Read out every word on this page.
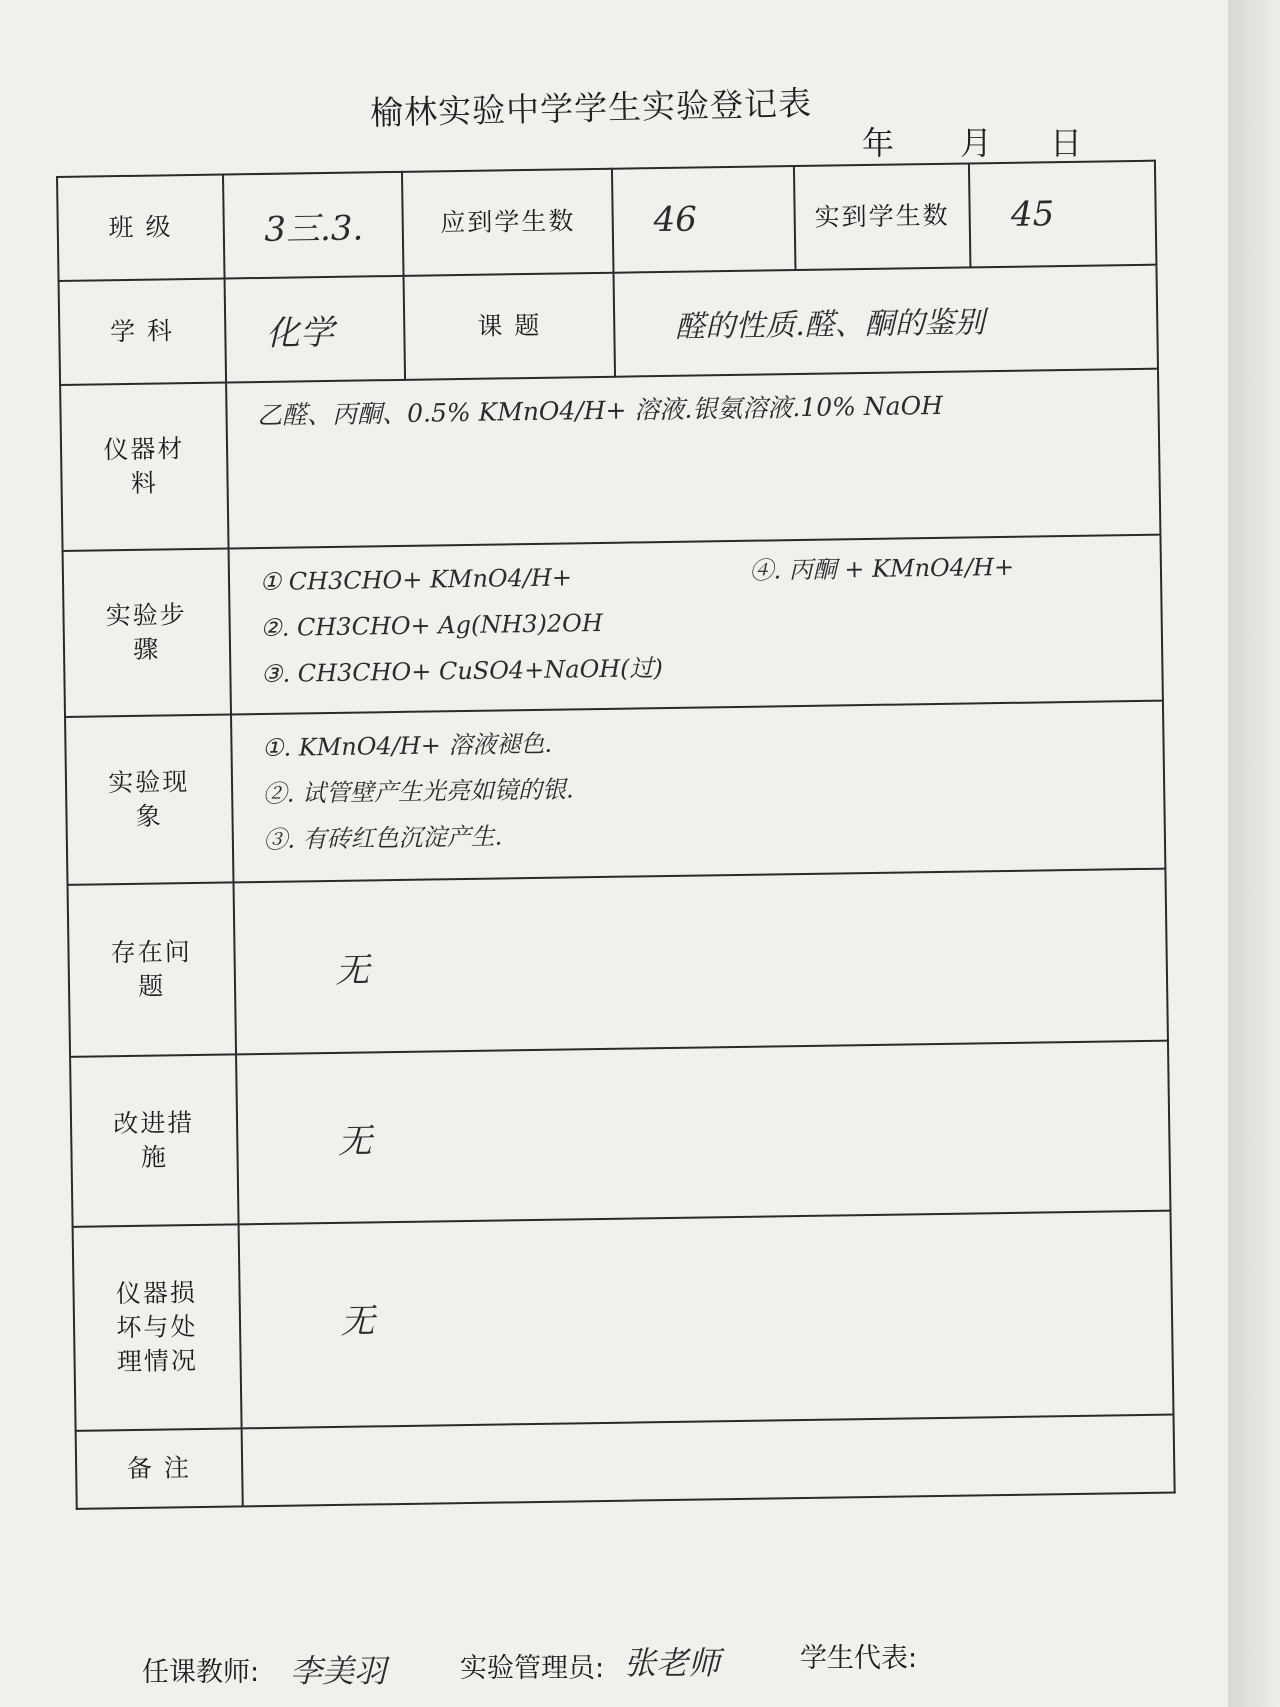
榆林实验中学学生实验登记表
年 月 日
班 级	3三.3.	应到学生数	46	实到学生数	45
学 科	化学	课 题	醛的性质.醛、酮的鉴别		
仪器材料	乙醛、丙酮、0.5% KMnO4/H+ 溶液.银氨溶液.10% NaOH				

实验步骤	① CH3CHO+ KMnO4/H+
②. CH3CHO+ Ag(NH3)2OH
③. CH3CHO+ CuSO4+NaOH(过)
④. 丙酮 + KMnO4/H+				

实验现象	①. KMnO4/H+ 溶液褪色.
②. 试管壁产生光亮如镜的银.
③. 有砖红色沉淀产生.				

存在问题	无				
改进措施	无				
仪器损坏与处理情况	无				
备 注					
任课教师: 李美羽	实验管理员: 张老师	学生代表:
